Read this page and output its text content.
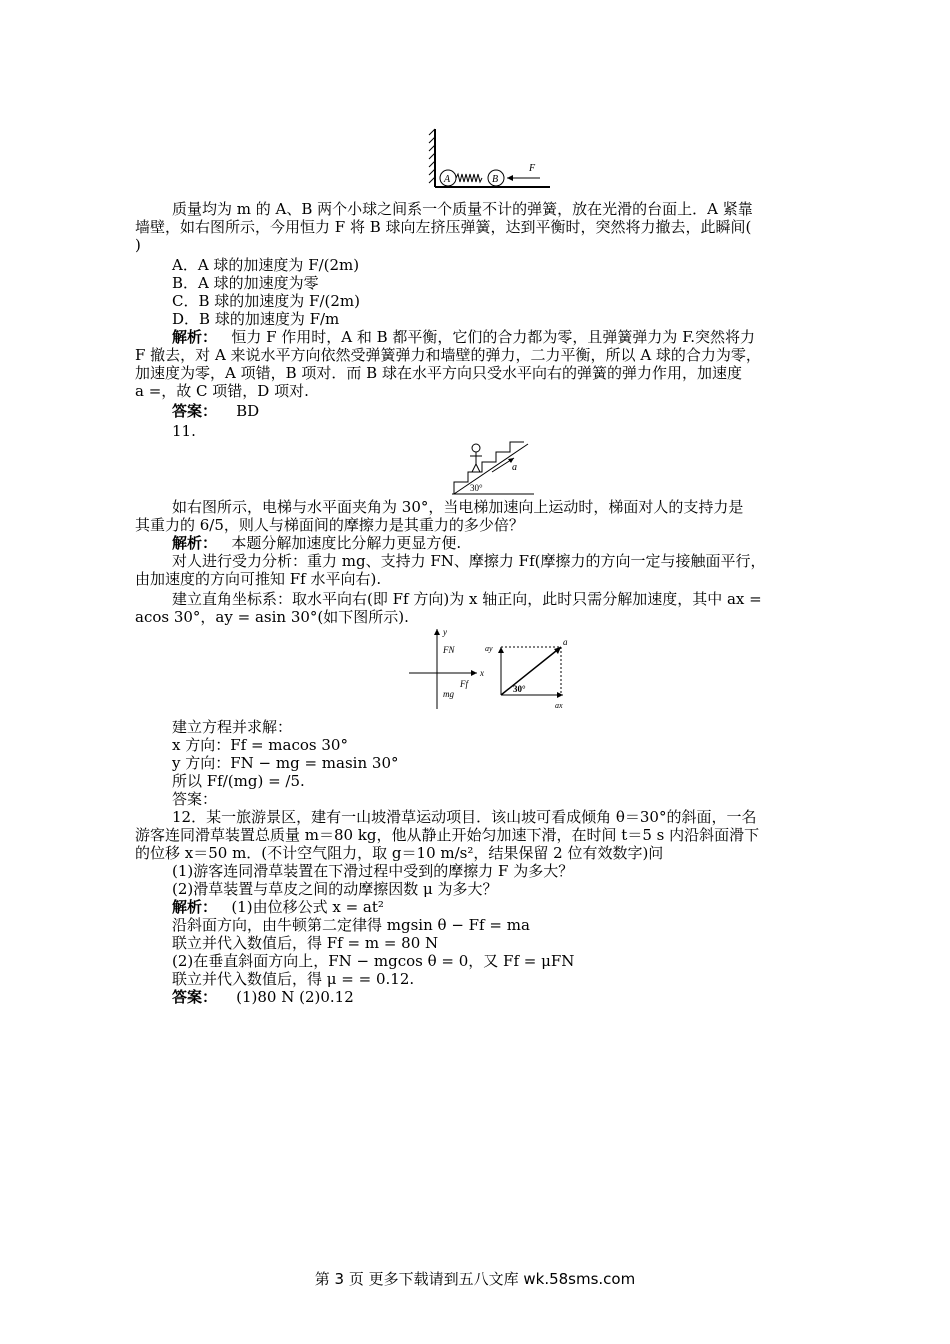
A	B
F
质量均为 m 的 A、B 两个小球之间系一个质量不计的弹簧，放在光滑的台面上．A 紧靠
墙壁，如右图所示，今用恒力 F 将 B 球向左挤压弹簧，达到平衡时，突然将力撤去，此瞬间(
)
A．A 球的加速度为 F/(2m)
B．A 球的加速度为零
C．B 球的加速度为 F/(2m)
D．B 球的加速度为 F/m
解析： 恒力 F 作用时，A 和 B 都平衡，它们的合力都为零，且弹簧弹力为 F.突然将力
F 撤去，对 A 来说水平方向依然受弹簧弹力和墙壁的弹力，二力平衡，所以 A 球的合力为零，
加速度为零，A 项错，B 项对．而 B 球在水平方向只受水平向右的弹簧的弹力作用，加速度
a =，故 C 项错，D 项对.
答案： BD
11.
a
30°
如右图所示，电梯与水平面夹角为 30°，当电梯加速向上运动时，梯面对人的支持力是
其重力的 6/5，则人与梯面间的摩擦力是其重力的多少倍？
解析： 本题分解加速度比分解力更显方便.
对人进行受力分析：重力 mg、支持力 FN、摩擦力 Ff(摩擦力的方向一定与接触面平行，
由加速度的方向可推知 Ff 水平向右).
建立直角坐标系：取水平向右(即 Ff 方向)为 x 轴正向，此时只需分解加速度，其中 ax =
acos 30°，ay = asin 30°(如下图所示).
y
x
FN
Ff
mg
ay
a
ax
30°
建立方程并求解：
x 方向：Ff = macos 30°
y 方向：FN − mg = masin 30°
所以 Ff/(mg) = /5.
答案：
12．某一旅游景区，建有一山坡滑草运动项目．该山坡可看成倾角 θ＝30°的斜面，一名
游客连同滑草装置总质量 m＝80 kg，他从静止开始匀加速下滑，在时间 t＝5 s 内沿斜面滑下
的位移 x＝50 m．(不计空气阻力，取 g＝10 m/s²，结果保留 2 位有效数字)问
(1)游客连同滑草装置在下滑过程中受到的摩擦力 F 为多大？
(2)滑草装置与草皮之间的动摩擦因数 μ 为多大？
解析： (1)由位移公式 x = at²
沿斜面方向，由牛顿第二定律得 mgsin θ − Ff = ma
联立并代入数值后，得 Ff = m = 80 N
(2)在垂直斜面方向上，FN − mgcos θ = 0，又 Ff = μFN
联立并代入数值后，得 μ = = 0.12.
答案： (1)80 N (2)0.12
第 3 页 更多下载请到五八文库 wk.58sms.com
